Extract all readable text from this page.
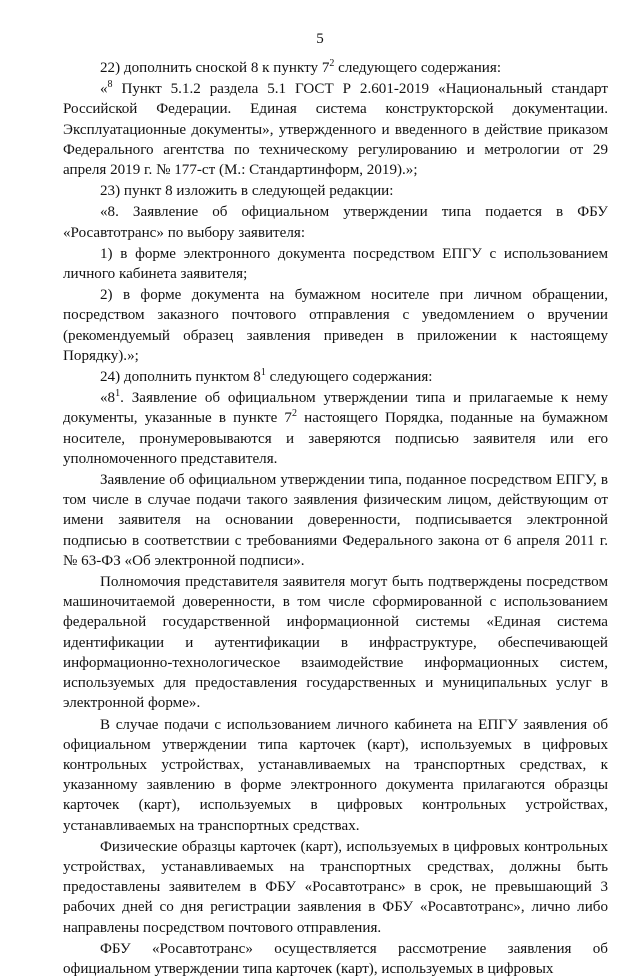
5

22) дополнить сноской 8 к пункту $7^2$ следующего содержания:

«$^8$ Пункт 5.1.2 раздела 5.1 ГОСТ Р 2.601-2019 «Национальный стандарт Российской Федерации. Единая система конструкторской документации. Эксплуатационные документы», утвержденного и введенного в действие приказом Федерального агентства по техническому регулированию и метрологии от 29 апреля 2019 г. № 177-ст (М.: Стандартинформ, 2019).»;

23) пункт 8 изложить в следующей редакции:

«8. Заявление об официальном утверждении типа подается в ФБУ «Росавтотранс» по выбору заявителя:

1) в форме электронного документа посредством ЕПГУ с использованием личного кабинета заявителя;

2) в форме документа на бумажном носителе при личном обращении, посредством заказного почтового отправления с уведомлением о вручении (рекомендуемый образец заявления приведен в приложении к настоящему Порядку).»;

24) дополнить пунктом $8^1$ следующего содержания:

«$8^1$. Заявление об официальном утверждении типа и прилагаемые к нему документы, указанные в пункте $7^2$ настоящего Порядка, поданные на бумажном носителе, пронумеровываются и заверяются подписью заявителя или его уполномоченного представителя.

Заявление об официальном утверждении типа, поданное посредством ЕПГУ, в том числе в случае подачи такого заявления физическим лицом, действующим от имени заявителя на основании доверенности, подписывается электронной подписью в соответствии с требованиями Федерального закона от 6 апреля 2011 г. № 63-ФЗ «Об электронной подписи».

Полномочия представителя заявителя могут быть подтверждены посредством машиночитаемой доверенности, в том числе сформированной с использованием федеральной государственной информационной системы «Единая система идентификации и аутентификации в инфраструктуре, обеспечивающей информационно-технологическое взаимодействие информационных систем, используемых для предоставления государственных и муниципальных услуг в электронной форме».

В случае подачи с использованием личного кабинета на ЕПГУ заявления об официальном утверждении типа карточек (карт), используемых в цифровых контрольных устройствах, устанавливаемых на транспортных средствах, к указанному заявлению в форме электронного документа прилагаются образцы карточек (карт), используемых в цифровых контрольных устройствах, устанавливаемых на транспортных средствах.

Физические образцы карточек (карт), используемых в цифровых контрольных устройствах, устанавливаемых на транспортных средствах, должны быть предоставлены заявителем в ФБУ «Росавтотранс» в срок, не превышающий 3 рабочих дней со дня регистрации заявления в ФБУ «Росавтотранс», лично либо направлены посредством почтового отправления.

ФБУ «Росавтотранс» осуществляется рассмотрение заявления об официальном утверждении типа карточек (карт), используемых в цифровых
